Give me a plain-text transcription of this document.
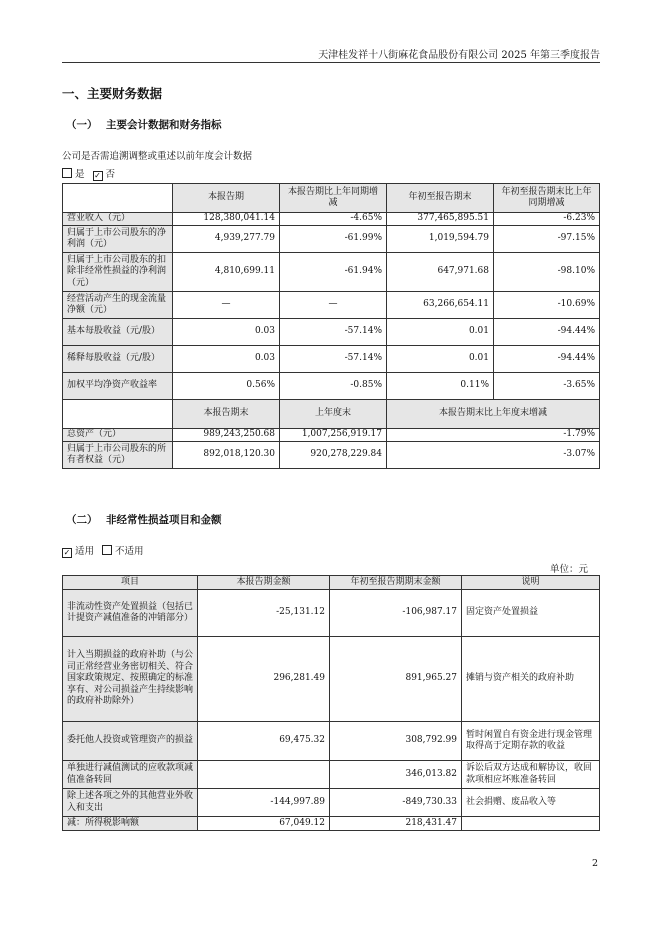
天津桂发祥十八街麻花食品股份有限公司 2025 年第三季度报告
一、主要财务数据
（一） 主要会计数据和财务指标
公司是否需追溯调整或重述以前年度会计数据
是 ✓ 否
	本报告期	本报告期比上年同期增减	年初至报告期末	年初至报告期末比上年同期增减
营业收入（元）	128,380,041.14	-4.65%	377,465,895.51	-6.23%
归属于上市公司股东的净利润（元）	4,939,277.79	-61.99%	1,019,594.79	-97.15%
归属于上市公司股东的扣除非经常性损益的净利润（元）	4,810,699.11	-61.94%	647,971.68	-98.10%
经营活动产生的现金流量净额（元）	—	—	63,266,654.11	-10.69%
基本每股收益（元/股）	0.03	-57.14%	0.01	-94.44%
稀释每股收益（元/股）	0.03	-57.14%	0.01	-94.44%
加权平均净资产收益率	0.56%	-0.85%	0.11%	-3.65%
	本报告期末	上年度末	本报告期末比上年度末增减	
总资产（元）	989,243,250.68	1,007,256,919.17	-1.79%	
归属于上市公司股东的所有者权益（元）	892,018,120.30	920,278,229.84	-3.07%	
（二） 非经常性损益项目和金额
✓ 适用 不适用
单位：元
项目	本报告期金额	年初至报告期期末金额	说明
非流动性资产处置损益（包括已计提资产减值准备的冲销部分）	-25,131.12	-106,987.17	固定资产处置损益
计入当期损益的政府补助（与公司正常经营业务密切相关、符合国家政策规定、按照确定的标准享有、对公司损益产生持续影响的政府补助除外）	296,281.49	891,965.27	摊销与资产相关的政府补助
委托他人投资或管理资产的损益	69,475.32	308,792.99	暂时闲置自有资金进行现金管理取得高于定期存款的收益
单独进行减值测试的应收款项减值准备转回		346,013.82	诉讼后双方达成和解协议，收回款项相应坏账准备转回
除上述各项之外的其他营业外收入和支出	-144,997.89	-849,730.33	社会捐赠、废品收入等
减：所得税影响额	67,049.12	218,431.47	
2
